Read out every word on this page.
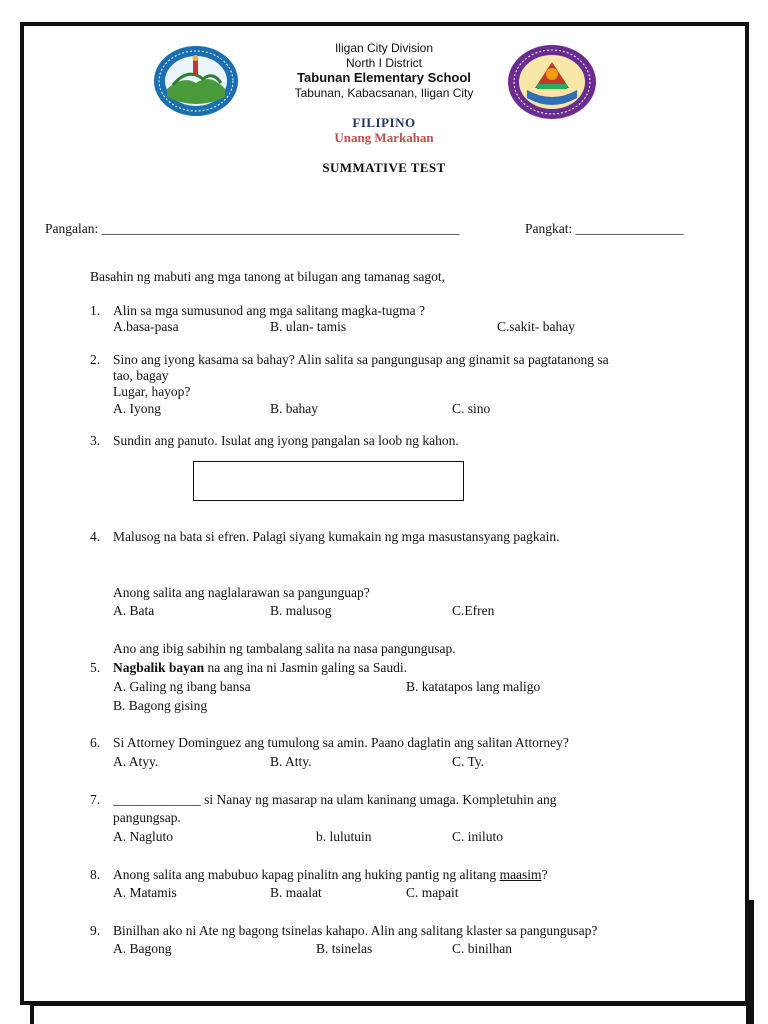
Iligan City Division
North I District
Tabunan Elementary School
Tabunan, Kabacsanan, Iligan City
FILIPINO
Unang Markahan
SUMMATIVE TEST
Pangalan: _____________________________________________________	Pangkat: ________________
Basahin ng mabuti ang mga tanong at bilugan ang tamanag sagot,
1. Alin sa mga sumusunod ang mga salitang magka-tugma ?
A.basa-pasa	B. ulan- tamis	C.sakit- bahay
2. Sino ang iyong kasama sa bahay? Alin salita sa pangungusap ang ginamit sa pagtatanong sa
tao, bagay
Lugar, hayop?
A. Iyong	B. bahay	C. sino
3. Sundin ang panuto. Isulat ang iyong pangalan sa loob ng kahon.
4. Malusog na bata si efren. Palagi siyang kumakain ng mga masustansyang pagkain.
Anong salita ang naglalarawan sa pangunguap?
A. Bata	B. malusog	C.Efren
Ano ang ibig sabihin ng tambalang salita na nasa pangungusap.
5. Nagbalik bayan na ang ina ni Jasmin galing sa Saudi.
A. Galing ng ibang bansa	B. katatapos lang maligo
B. Bagong gising
6. Si Attorney Dominguez ang tumulong sa amin. Paano daglatin ang salitan Attorney?
A. Atyy.	B. Atty.	C. Ty.
7. _____________ si Nanay ng masarap na ulam kaninang umaga. Kompletuhin ang
pangungsap.
A. Nagluto	b. lulutuin	C. iniluto
8. Anong salita ang mabubuo kapag pinalitn ang huking pantig ng alitang maasim?
A. Matamis	B. maalat	C. mapait
9. Binilhan ako ni Ate ng bagong tsinelas kahapo. Alin ang salitang klaster sa pangungusap?
A. Bagong	B. tsinelas	C. binilhan
